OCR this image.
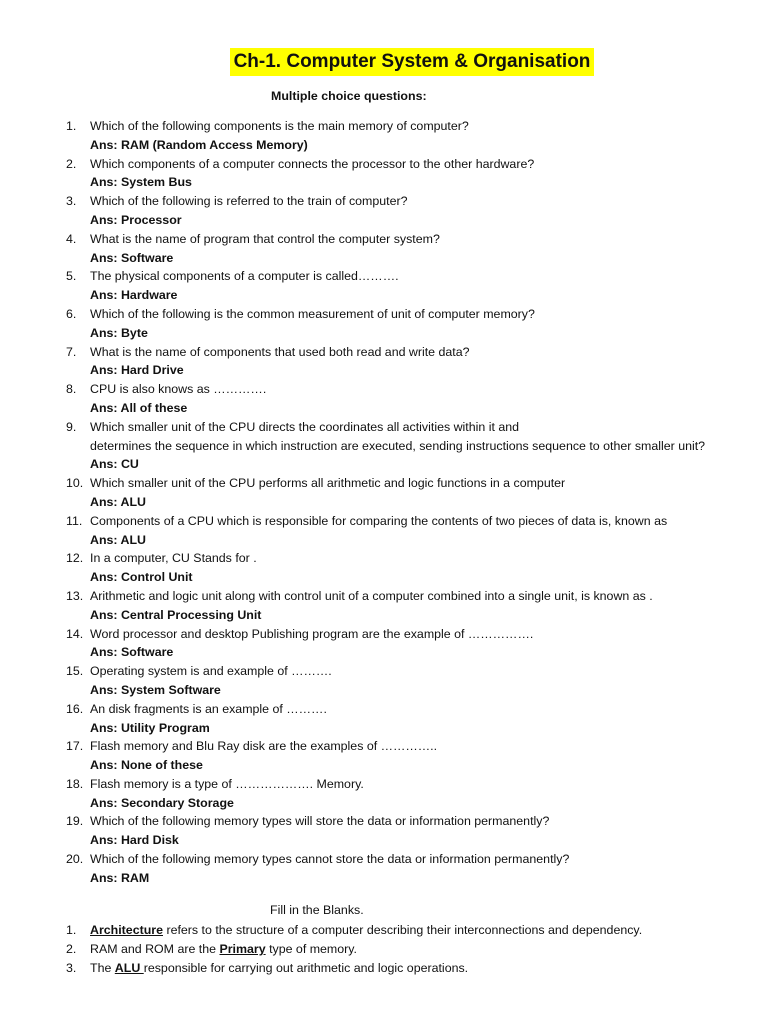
Ch-1. Computer System & Organisation
Multiple choice questions:
1.	Which of the following components is the main memory of computer?
Ans: RAM (Random Access Memory)
2.	Which components of a computer connects the processor to the other hardware?
Ans: System Bus
3.	Which of the following is referred to the train of computer?
Ans: Processor
4.	What is the name of program that control the computer system?
Ans: Software
5.	The physical components of a computer is called……….
Ans: Hardware
6.	Which of the following is the common measurement of unit of computer memory?
Ans: Byte
7.	What is the name of components that used both read and write data?
Ans: Hard Drive
8.	CPU is also knows as ………….
Ans: All of these
9.	Which smaller unit of the CPU directs the coordinates all activities within it and
determines the sequence in which instruction are executed, sending instructions sequence to other smaller unit?
Ans: CU
10. Which smaller unit of the CPU performs all arithmetic and logic functions in a computer
Ans: ALU
11. Components of a CPU which is responsible for comparing the contents of two pieces of data is, known as
Ans: ALU
12. In a computer, CU Stands for .
Ans: Control Unit
13. Arithmetic and logic unit along with control unit of a computer combined into a single unit, is known as .
Ans: Central Processing Unit
14. Word processor and desktop Publishing program are the example of …………….
Ans: Software
15. Operating system is and example of ……….
Ans: System Software
16. An disk fragments is an example of ……….
Ans: Utility Program
17. Flash memory and Blu Ray disk are the examples of …………..
Ans: None of these
18. Flash memory is a type of ………………. Memory.
Ans: Secondary Storage
19. Which of the following memory types will store the data or information permanently?
Ans: Hard Disk
20. Which of the following memory types cannot store the data or information permanently?
Ans: RAM
Fill in the Blanks.
1. Architecture refers to the structure of a computer describing their interconnections and dependency.
2. RAM and ROM are the Primary type of memory.
3. The ALU responsible for carrying out arithmetic and logic operations.
